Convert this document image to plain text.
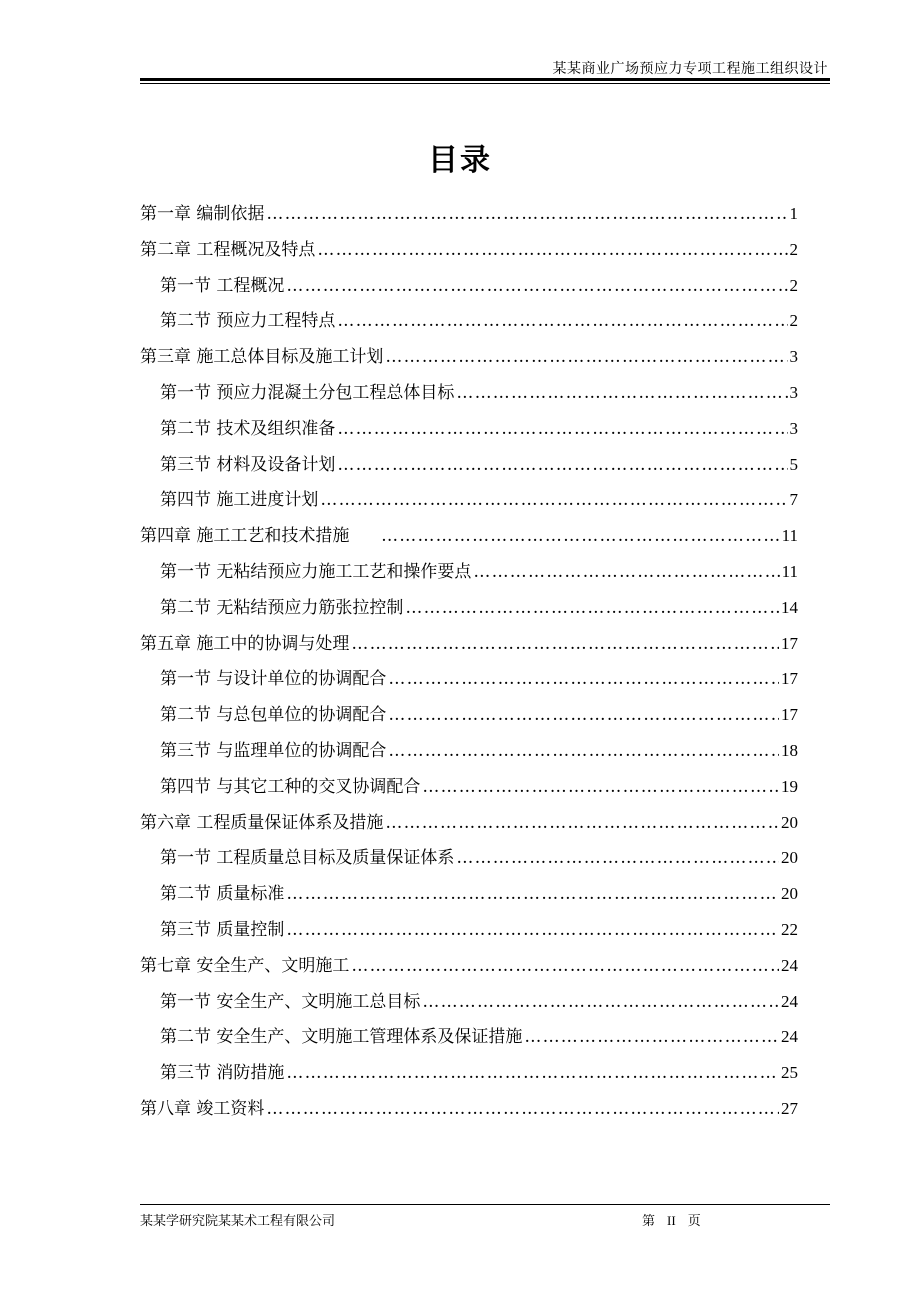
某某商业广场预应力专项工程施工组织设计
目录
第一章 编制依据 ……………………………………………………………………………………………………………………………………………………………………	1
第二章 工程概况及特点 ……………………………………………………………………………………………………………………………………………………………………	2
第一节 工程概况 ……………………………………………………………………………………………………………………………………………………………………	2
第二节 预应力工程特点 ……………………………………………………………………………………………………………………………………………………………………	2
第三章 施工总体目标及施工计划 ……………………………………………………………………………………………………………………………………………………………………	3
第一节 预应力混凝土分包工程总体目标 ……………………………………………………………………………………………………………………………………………………………………	3
第二节 技术及组织准备 ……………………………………………………………………………………………………………………………………………………………………	3
第三节 材料及设备计划 ……………………………………………………………………………………………………………………………………………………………………	5
第四节 施工进度计划 ……………………………………………………………………………………………………………………………………………………………………	7
第四章 施工工艺和技术措施 ……………………………………………………………………………………………………………………………………………………………………	11
第一节 无粘结预应力施工工艺和操作要点 ……………………………………………………………………………………………………………………………………………………………………	11
第二节 无粘结预应力筋张拉控制 ……………………………………………………………………………………………………………………………………………………………………	14
第五章 施工中的协调与处理 ……………………………………………………………………………………………………………………………………………………………………	17
第一节 与设计单位的协调配合 ……………………………………………………………………………………………………………………………………………………………………	17
第二节 与总包单位的协调配合 ……………………………………………………………………………………………………………………………………………………………………	17
第三节 与监理单位的协调配合 ……………………………………………………………………………………………………………………………………………………………………	18
第四节 与其它工种的交叉协调配合 ……………………………………………………………………………………………………………………………………………………………………	19
第六章 工程质量保证体系及措施 ……………………………………………………………………………………………………………………………………………………………………	20
第一节 工程质量总目标及质量保证体系 ……………………………………………………………………………………………………………………………………………………………………	20
第二节 质量标准 ……………………………………………………………………………………………………………………………………………………………………	20
第三节 质量控制 ……………………………………………………………………………………………………………………………………………………………………	22
第七章 安全生产、文明施工 ……………………………………………………………………………………………………………………………………………………………………	24
第一节 安全生产、文明施工总目标 ……………………………………………………………………………………………………………………………………………………………………	24
第二节 安全生产、文明施工管理体系及保证措施 ……………………………………………………………………………………………………………………………………………………………………	24
第三节 消防措施 ……………………………………………………………………………………………………………………………………………………………………	25
第八章 竣工资料 ……………………………………………………………………………………………………………………………………………………………………	27
某某学研究院某某术工程有限公司	第 II 页
